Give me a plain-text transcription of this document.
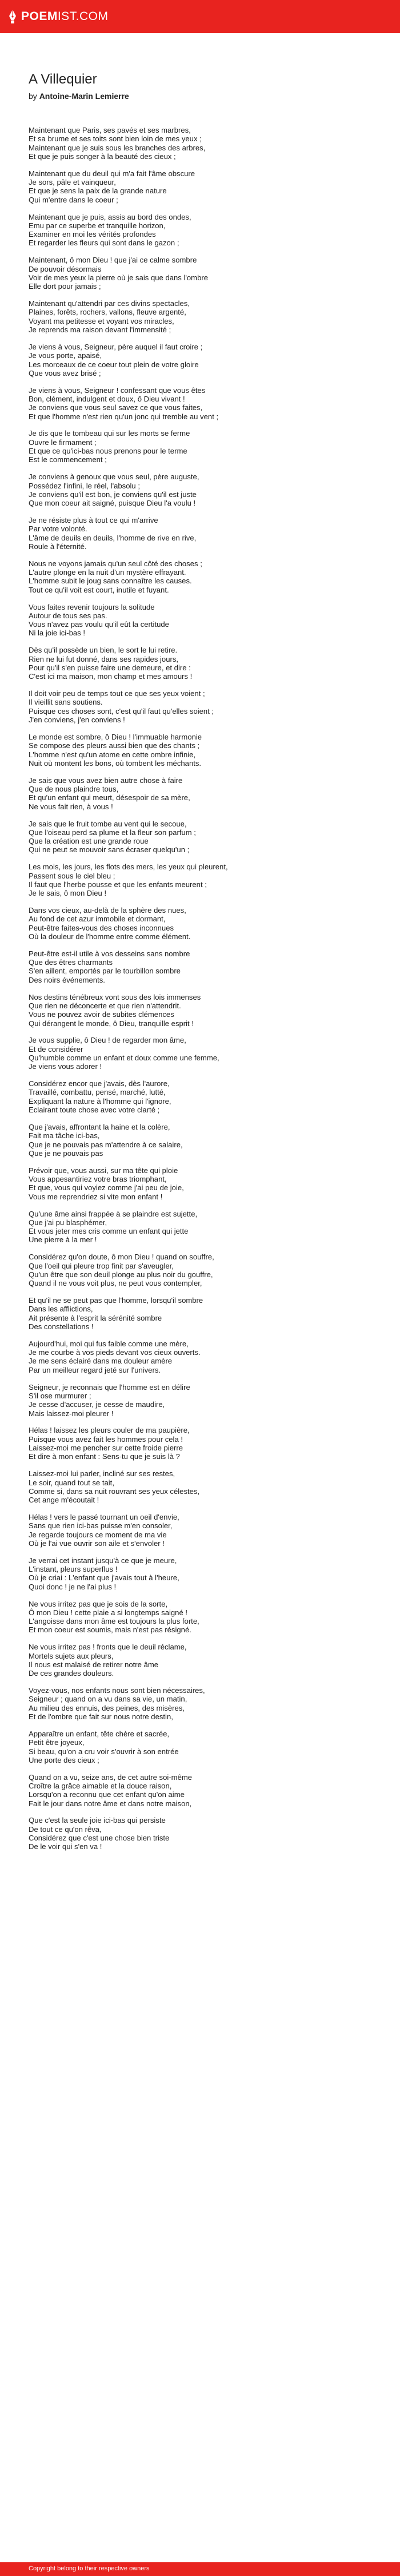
POEMIST.COM
A Villequier
by Antoine-Marin Lemierre
Maintenant que Paris, ses pavés et ses marbres,
Et sa brume et ses toits sont bien loin de mes yeux ;
Maintenant que je suis sous les branches des arbres,
Et que je puis songer à la beauté des cieux ;
Maintenant que du deuil qui m'a fait l'âme obscure
Je sors, pâle et vainqueur,
Et que je sens la paix de la grande nature
Qui m'entre dans le coeur ;
Maintenant que je puis, assis au bord des ondes,
Emu par ce superbe et tranquille horizon,
Examiner en moi les vérités profondes
Et regarder les fleurs qui sont dans le gazon ;
Maintenant, ô mon Dieu ! que j'ai ce calme sombre
De pouvoir désormais
Voir de mes yeux la pierre où je sais que dans l'ombre
Elle dort pour jamais ;
Maintenant qu'attendri par ces divins spectacles,
Plaines, forêts, rochers, vallons, fleuve argenté,
Voyant ma petitesse et voyant vos miracles,
Je reprends ma raison devant l'immensité ;
Je viens à vous, Seigneur, père auquel il faut croire ;
Je vous porte, apaisé,
Les morceaux de ce coeur tout plein de votre gloire
Que vous avez brisé ;
Je viens à vous, Seigneur ! confessant que vous êtes
Bon, clément, indulgent et doux, ô Dieu vivant !
Je conviens que vous seul savez ce que vous faites,
Et que l'homme n'est rien qu'un jonc qui tremble au vent ;
Je dis que le tombeau qui sur les morts se ferme
Ouvre le firmament ;
Et que ce qu'ici-bas nous prenons pour le terme
Est le commencement ;
Je conviens à genoux que vous seul, père auguste,
Possédez l'infini, le réel, l'absolu ;
Je conviens qu'il est bon, je conviens qu'il est juste
Que mon coeur ait saigné, puisque Dieu l'a voulu !
Je ne résiste plus à tout ce qui m'arrive
Par votre volonté.
L'âme de deuils en deuils, l'homme de rive en rive,
Roule à l'éternité.
Nous ne voyons jamais qu'un seul côté des choses ;
L'autre plonge en la nuit d'un mystère effrayant.
L'homme subit le joug sans connaître les causes.
Tout ce qu'il voit est court, inutile et fuyant.
Vous faites revenir toujours la solitude
Autour de tous ses pas.
Vous n'avez pas voulu qu'il eût la certitude
Ni la joie ici-bas !
Dès qu'il possède un bien, le sort le lui retire.
Rien ne lui fut donné, dans ses rapides jours,
Pour qu'il s'en puisse faire une demeure, et dire :
C'est ici ma maison, mon champ et mes amours !
Il doit voir peu de temps tout ce que ses yeux voient ;
Il vieillit sans soutiens.
Puisque ces choses sont, c'est qu'il faut qu'elles soient ;
J'en conviens, j'en conviens !
Le monde est sombre, ô Dieu ! l'immuable harmonie
Se compose des pleurs aussi bien que des chants ;
L'homme n'est qu'un atome en cette ombre infinie,
Nuit où montent les bons, où tombent les méchants.
Je sais que vous avez bien autre chose à faire
Que de nous plaindre tous,
Et qu'un enfant qui meurt, désespoir de sa mère,
Ne vous fait rien, à vous !
Je sais que le fruit tombe au vent qui le secoue,
Que l'oiseau perd sa plume et la fleur son parfum ;
Que la création est une grande roue
Qui ne peut se mouvoir sans écraser quelqu'un ;
Les mois, les jours, les flots des mers, les yeux qui pleurent,
Passent sous le ciel bleu ;
Il faut que l'herbe pousse et que les enfants meurent ;
Je le sais, ô mon Dieu !
Dans vos cieux, au-delà de la sphère des nues,
Au fond de cet azur immobile et dormant,
Peut-être faites-vous des choses inconnues
Où la douleur de l'homme entre comme élément.
Peut-être est-il utile à vos desseins sans nombre
Que des êtres charmants
S'en aillent, emportés par le tourbillon sombre
Des noirs événements.
Nos destins ténébreux vont sous des lois immenses
Que rien ne déconcerte et que rien n'attendrit.
Vous ne pouvez avoir de subites clémences
Qui dérangent le monde, ô Dieu, tranquille esprit !
Je vous supplie, ô Dieu ! de regarder mon âme,
Et de considérer
Qu'humble comme un enfant et doux comme une femme,
Je viens vous adorer !
Considérez encor que j'avais, dès l'aurore,
Travaillé, combattu, pensé, marché, lutté,
Expliquant la nature à l'homme qui l'ignore,
Eclairant toute chose avec votre clarté ;
Que j'avais, affrontant la haine et la colère,
Fait ma tâche ici-bas,
Que je ne pouvais pas m'attendre à ce salaire,
Que je ne pouvais pas
Prévoir que, vous aussi, sur ma tête qui ploie
Vous appesantiriez votre bras triomphant,
Et que, vous qui voyiez comme j'ai peu de joie,
Vous me reprendriez si vite mon enfant !
Qu'une âme ainsi frappée à se plaindre est sujette,
Que j'ai pu blasphémer,
Et vous jeter mes cris comme un enfant qui jette
Une pierre à la mer !
Considérez qu'on doute, ô mon Dieu ! quand on souffre,
Que l'oeil qui pleure trop finit par s'aveugler,
Qu'un être que son deuil plonge au plus noir du gouffre,
Quand il ne vous voit plus, ne peut vous contempler,
Et qu'il ne se peut pas que l'homme, lorsqu'il sombre
Dans les afflictions,
Ait présente à l'esprit la sérénité sombre
Des constellations !
Aujourd'hui, moi qui fus faible comme une mère,
Je me courbe à vos pieds devant vos cieux ouverts.
Je me sens éclairé dans ma douleur amère
Par un meilleur regard jeté sur l'univers.
Seigneur, je reconnais que l'homme est en délire
S'il ose murmurer ;
Je cesse d'accuser, je cesse de maudire,
Mais laissez-moi pleurer !
Hélas ! laissez les pleurs couler de ma paupière,
Puisque vous avez fait les hommes pour cela !
Laissez-moi me pencher sur cette froide pierre
Et dire à mon enfant : Sens-tu que je suis là ?
Laissez-moi lui parler, incliné sur ses restes,
Le soir, quand tout se tait,
Comme si, dans sa nuit rouvrant ses yeux célestes,
Cet ange m'écoutait !
Hélas ! vers le passé tournant un oeil d'envie,
Sans que rien ici-bas puisse m'en consoler,
Je regarde toujours ce moment de ma vie
Où je l'ai vue ouvrir son aile et s'envoler !
Je verrai cet instant jusqu'à ce que je meure,
L'instant, pleurs superflus !
Où je criai : L'enfant que j'avais tout à l'heure,
Quoi donc ! je ne l'ai plus !
Ne vous irritez pas que je sois de la sorte,
Ô mon Dieu ! cette plaie a si longtemps saigné !
L'angoisse dans mon âme est toujours la plus forte,
Et mon coeur est soumis, mais n'est pas résigné.
Ne vous irritez pas ! fronts que le deuil réclame,
Mortels sujets aux pleurs,
Il nous est malaisé de retirer notre âme
De ces grandes douleurs.
Voyez-vous, nos enfants nous sont bien nécessaires,
Seigneur ; quand on a vu dans sa vie, un matin,
Au milieu des ennuis, des peines, des misères,
Et de l'ombre que fait sur nous notre destin,
Apparaître un enfant, tête chère et sacrée,
Petit être joyeux,
Si beau, qu'on a cru voir s'ouvrir à son entrée
Une porte des cieux ;
Quand on a vu, seize ans, de cet autre soi-même
Croître la grâce aimable et la douce raison,
Lorsqu'on a reconnu que cet enfant qu'on aime
Fait le jour dans notre âme et dans notre maison,
Que c'est la seule joie ici-bas qui persiste
De tout ce qu'on rêva,
Considérez que c'est une chose bien triste
De le voir qui s'en va !
Copyright belong to their respective owners
